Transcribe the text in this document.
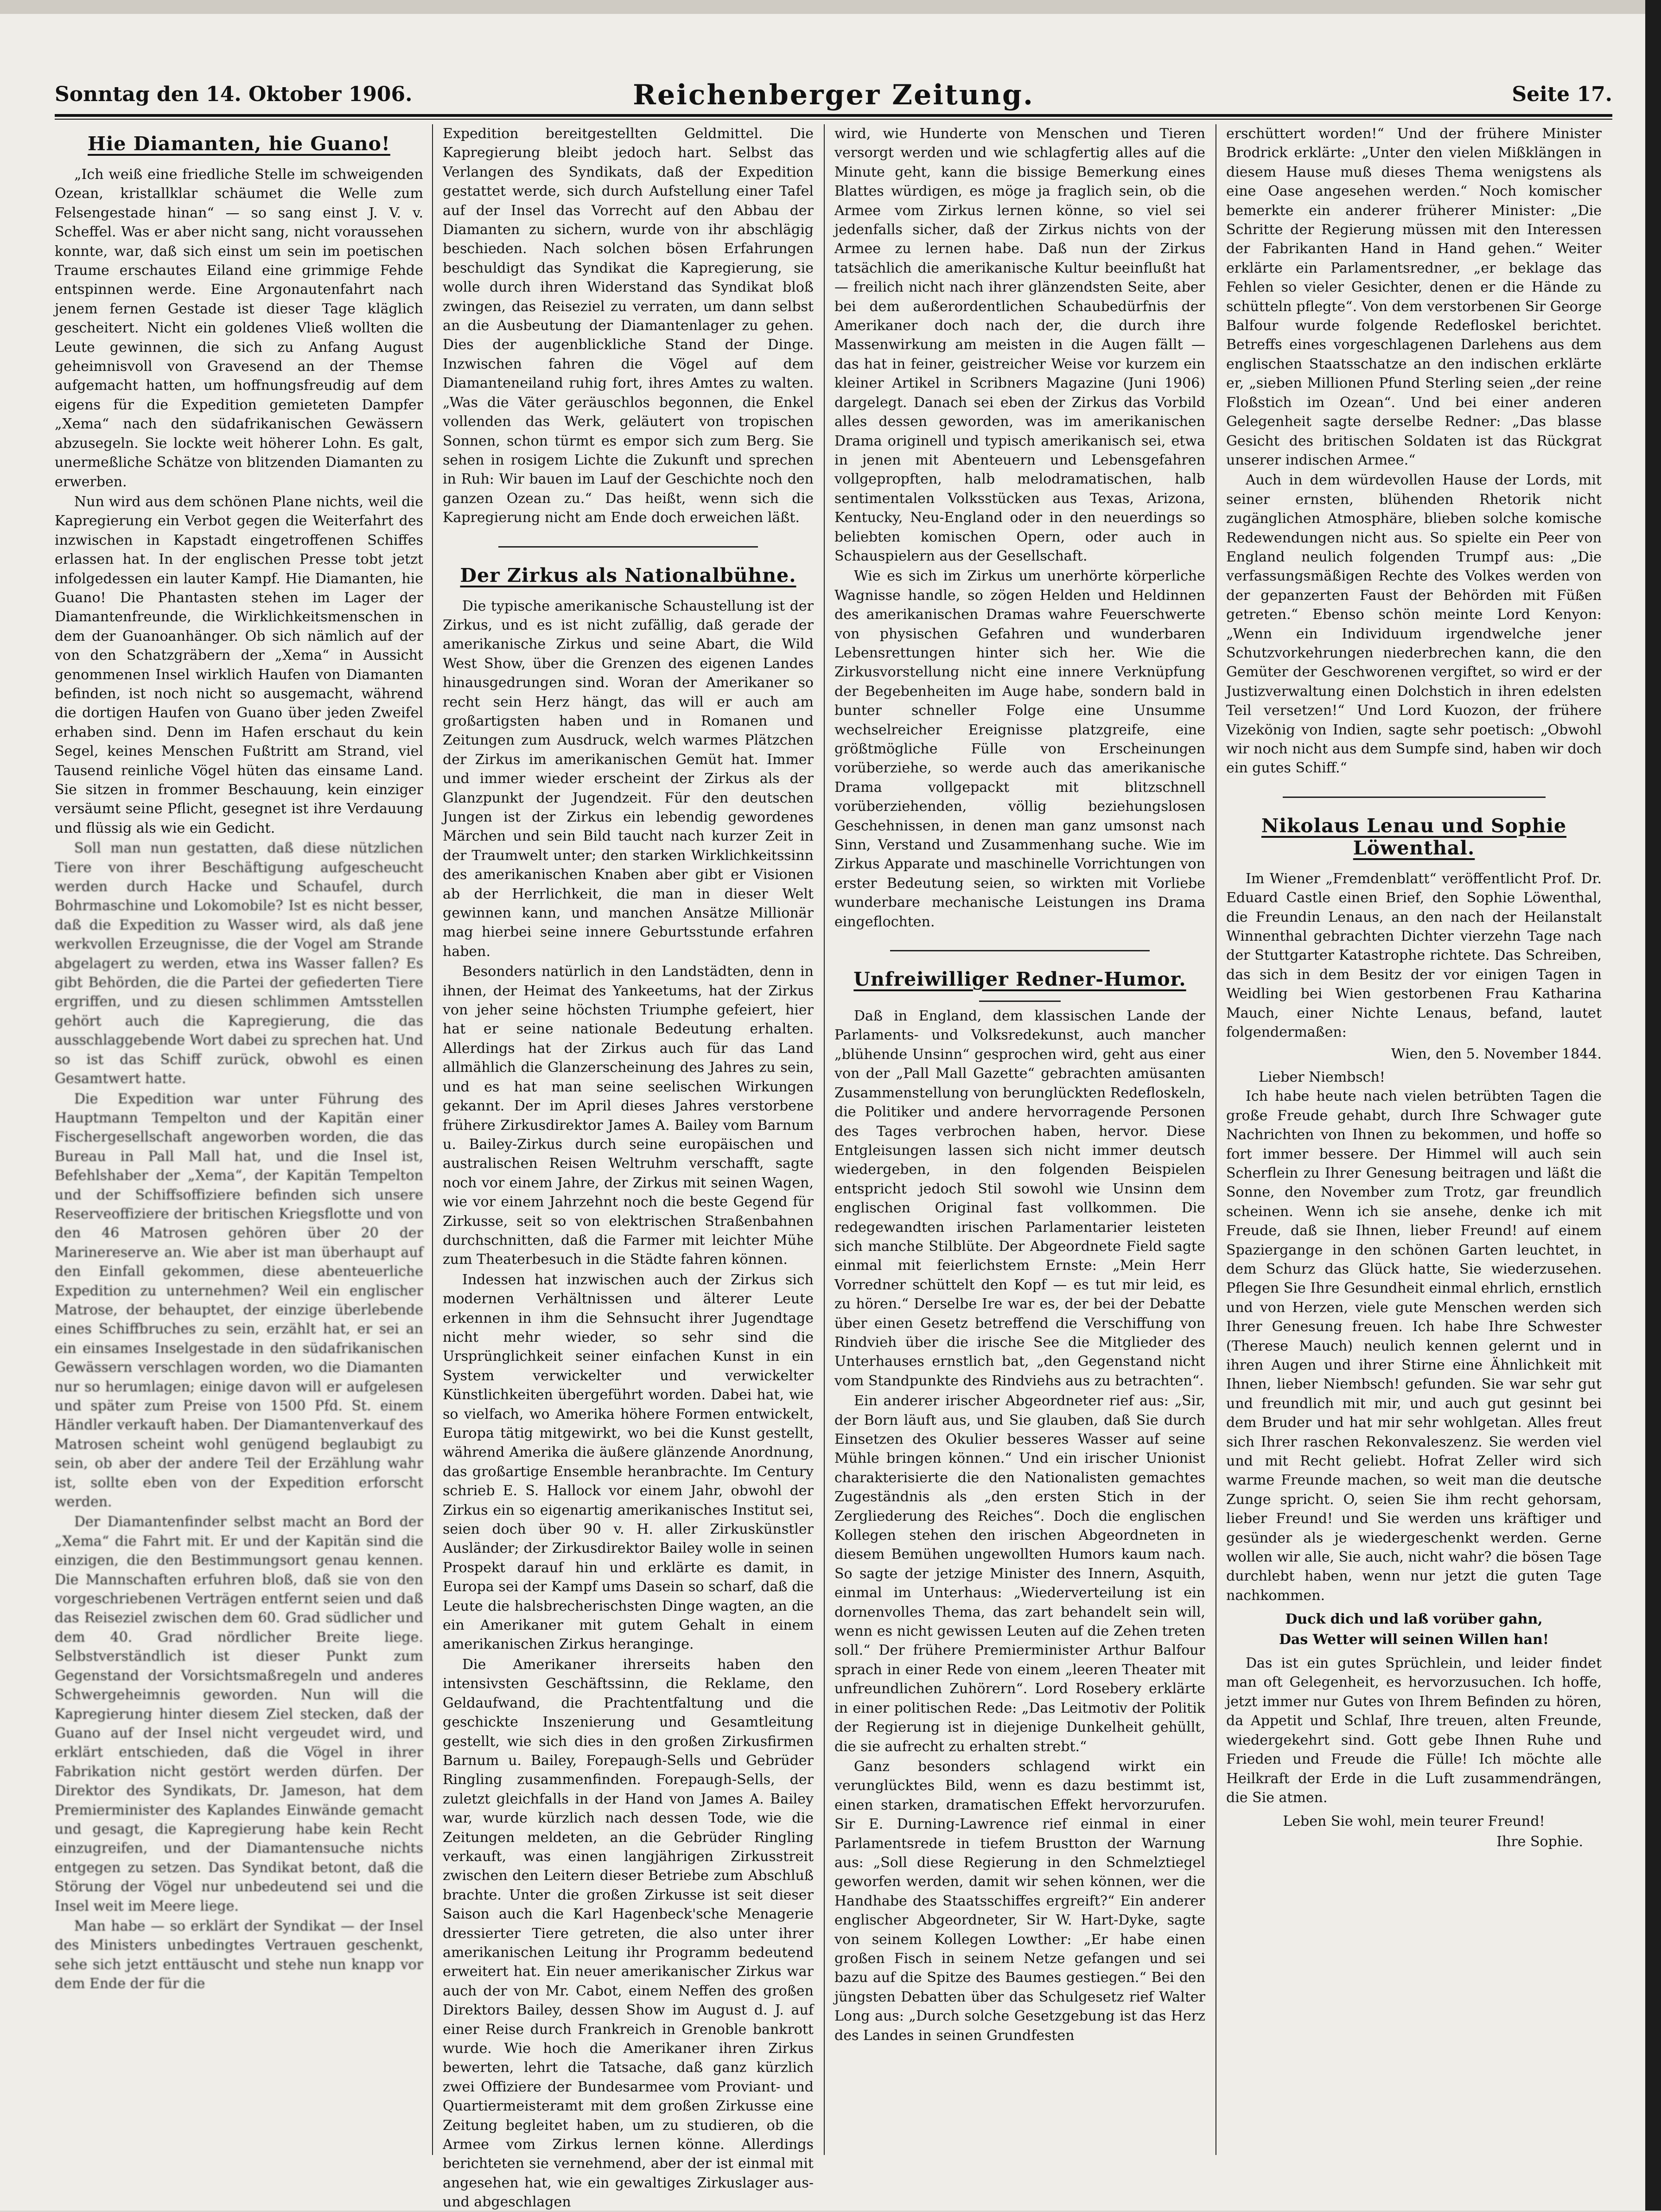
Sonntag den 14. Oktober 1906.	Reichenberger Zeitung.	Seite 17.
Hie Diamanten, hie Guano!

„Ich weiß eine friedliche Stelle im schweigenden Ozean, kristallklar schäumet die Welle zum Felsengestade hinan“ — so sang einst J. V. v. Scheffel. Was er aber nicht sang, nicht voraussehen konnte, war, daß sich einst um sein im poetischen Traume erschautes Eiland eine grimmige Fehde entspinnen werde. Eine Argonautenfahrt nach jenem fernen Gestade ist dieser Tage kläglich gescheitert. Nicht ein goldenes Vließ wollten die Leute gewinnen, die sich zu Anfang August geheimnisvoll von Gravesend an der Themse aufgemacht hatten, um hoffnungsfreudig auf dem eigens für die Expedition gemieteten Dampfer „Xema“ nach den südafrikanischen Gewässern abzusegeln. Sie lockte weit höherer Lohn. Es galt, unermeßliche Schätze von blitzenden Diamanten zu erwerben.

Nun wird aus dem schönen Plane nichts, weil die Kapregierung ein Verbot gegen die Weiterfahrt des inzwischen in Kapstadt eingetroffenen Schiffes erlassen hat. In der englischen Presse tobt jetzt infolgedessen ein lauter Kampf. Hie Diamanten, hie Guano! Die Phantasten stehen im Lager der Diamantenfreunde, die Wirklichkeitsmenschen in dem der Guanoanhänger. Ob sich nämlich auf der von den Schatzgräbern der „Xema“ in Aussicht genommenen Insel wirklich Haufen von Diamanten befinden, ist noch nicht so ausgemacht, während die dortigen Haufen von Guano über jeden Zweifel erhaben sind. Denn im Hafen erschaut du kein Segel, keines Menschen Fußtritt am Strand, viel Tausend reinliche Vögel hüten das einsame Land. Sie sitzen in frommer Beschauung, kein einziger versäumt seine Pflicht, gesegnet ist ihre Verdauung und flüssig als wie ein Gedicht.

Soll man nun gestatten, daß diese nützlichen Tiere von ihrer Beschäftigung aufgescheucht werden durch Hacke und Schaufel, durch Bohrmaschine und Lokomobile? Ist es nicht besser, daß die Expedition zu Wasser wird, als daß jene werkvollen Erzeugnisse, die der Vogel am Strande abgelagert zu werden, etwa ins Wasser fallen? Es gibt Behörden, die die Partei der gefiederten Tiere ergriffen, und zu diesen schlimmen Amtsstellen gehört auch die Kapregierung, die das ausschlaggebende Wort dabei zu sprechen hat. Und so ist das Schiff zurück, obwohl es einen Gesamtwert hatte.

Die Expedition war unter Führung des Hauptmann Tempelton und der Kapitän einer Fischergesellschaft angeworben worden, die das Bureau in Pall Mall hat, und die Insel ist, Befehlshaber der „Xema“, der Kapitän Tempelton und der Schiffsoffiziere befinden sich unsere Reserveoffiziere der britischen Kriegsflotte und von den 46 Matrosen gehören über 20 der Marinereserve an. Wie aber ist man überhaupt auf den Einfall gekommen, diese abenteuerliche Expedition zu unternehmen? Weil ein englischer Matrose, der behauptet, der einzige überlebende eines Schiffbruches zu sein, erzählt hat, er sei an ein einsames Inselgestade in den südafrikanischen Gewässern verschlagen worden, wo die Diamanten nur so herumlagen; einige davon will er aufgelesen und später zum Preise von 1500 Pfd. St. einem Händler verkauft haben. Der Diamantenverkauf des Matrosen scheint wohl genügend beglaubigt zu sein, ob aber der andere Teil der Erzählung wahr ist, sollte eben von der Expedition erforscht werden.

Der Diamantenfinder selbst macht an Bord der „Xema“ die Fahrt mit. Er und der Kapitän sind die einzigen, die den Bestimmungsort genau kennen. Die Mannschaften erfuhren bloß, daß sie von den vorgeschriebenen Verträgen entfernt seien und daß das Reiseziel zwischen dem 60. Grad südlicher und dem 40. Grad nördlicher Breite liege. Selbstverständlich ist dieser Punkt zum Gegenstand der Vorsichtsmaßregeln und anderes Schwergeheimnis geworden. Nun will die Kapregierung hinter diesem Ziel stecken, daß der Guano auf der Insel nicht vergeudet wird, und erklärt entschieden, daß die Vögel in ihrer Fabrikation nicht gestört werden dürfen. Der Direktor des Syndikats, Dr. Jameson, hat dem Premierminister des Kaplandes Einwände gemacht und gesagt, die Kapregierung habe kein Recht einzugreifen, und der Diamantensuche nichts entgegen zu setzen. Das Syndikat betont, daß die Störung der Vögel nur unbedeutend sei und die Insel weit im Meere liege.

Man habe — so erklärt der Syndikat — der Insel des Ministers unbedingtes Vertrauen geschenkt, sehe sich jetzt enttäuscht und stehe nun knapp vor dem Ende der für die

Expedition bereitgestellten Geldmittel. Die Kapregierung bleibt jedoch hart. Selbst das Verlangen des Syndikats, daß der Expedition gestattet werde, sich durch Aufstellung einer Tafel auf der Insel das Vorrecht auf den Abbau der Diamanten zu sichern, wurde von ihr abschlägig beschieden. Nach solchen bösen Erfahrungen beschuldigt das Syndikat die Kapregierung, sie wolle durch ihren Widerstand das Syndikat bloß zwingen, das Reiseziel zu verraten, um dann selbst an die Ausbeutung der Diamantenlager zu gehen. Dies der augenblickliche Stand der Dinge. Inzwischen fahren die Vögel auf dem Diamanteneiland ruhig fort, ihres Amtes zu walten. „Was die Väter geräuschlos begonnen, die Enkel vollenden das Werk, geläutert von tropischen Sonnen, schon türmt es empor sich zum Berg. Sie sehen in rosigem Lichte die Zukunft und sprechen in Ruh: Wir bauen im Lauf der Geschichte noch den ganzen Ozean zu.“ Das heißt, wenn sich die Kapregierung nicht am Ende doch erweichen läßt.

Der Zirkus als Nationalbühne.

Die typische amerikanische Schaustellung ist der Zirkus, und es ist nicht zufällig, daß gerade der amerikanische Zirkus und seine Abart, die Wild West Show, über die Grenzen des eigenen Landes hinausgedrungen sind. Woran der Amerikaner so recht sein Herz hängt, das will er auch am großartigsten haben und in Romanen und Zeitungen zum Ausdruck, welch warmes Plätzchen der Zirkus im amerikanischen Gemüt hat. Immer und immer wieder erscheint der Zirkus als der Glanzpunkt der Jugendzeit. Für den deutschen Jungen ist der Zirkus ein lebendig gewordenes Märchen und sein Bild taucht nach kurzer Zeit in der Traumwelt unter; den starken Wirklichkeitssinn des amerikanischen Knaben aber gibt er Visionen ab der Herrlichkeit, die man in dieser Welt gewinnen kann, und manchen Ansätze Millionär mag hierbei seine innere Geburtsstunde erfahren haben.

Besonders natürlich in den Landstädten, denn in ihnen, der Heimat des Yankeetums, hat der Zirkus von jeher seine höchsten Triumphe gefeiert, hier hat er seine nationale Bedeutung erhalten. Allerdings hat der Zirkus auch für das Land allmählich die Glanzerscheinung des Jahres zu sein, und es hat man seine seelischen Wirkungen gekannt. Der im April dieses Jahres verstorbene frühere Zirkusdirektor James A. Bailey vom Barnum u. Bailey-Zirkus durch seine europäischen und australischen Reisen Weltruhm verschafft, sagte noch vor einem Jahre, der Zirkus mit seinen Wagen, wie vor einem Jahrzehnt noch die beste Gegend für Zirkusse, seit so von elektrischen Straßenbahnen durchschnitten, daß die Farmer mit leichter Mühe zum Theaterbesuch in die Städte fahren können.

Indessen hat inzwischen auch der Zirkus sich modernen Verhältnissen und älterer Leute erkennen in ihm die Sehnsucht ihrer Jugendtage nicht mehr wieder, so sehr sind die Ursprünglichkeit seiner einfachen Kunst in ein System verwickelter und verwickelter Künstlichkeiten übergeführt worden. Dabei hat, wie so vielfach, wo Amerika höhere Formen entwickelt, Europa tätig mitgewirkt, wo bei die Kunst gestellt, während Amerika die äußere glänzende Anordnung, das großartige Ensemble heranbrachte. Im Century schrieb E. S. Hallock vor einem Jahr, obwohl der Zirkus ein so eigenartig amerikanisches Institut sei, seien doch über 90 v. H. aller Zirkuskünstler Ausländer; der Zirkusdirektor Bailey wolle in seinen Prospekt darauf hin und erklärte es damit, in Europa sei der Kampf ums Dasein so scharf, daß die Leute die halsbrecherischsten Dinge wagten, an die ein Amerikaner mit gutem Gehalt in einem amerikanischen Zirkus heranginge.

Die Amerikaner ihrerseits haben den intensivsten Geschäftssinn, die Reklame, den Geldaufwand, die Prachtentfaltung und die geschickte Inszenierung und Gesamtleitung gestellt, wie sich dies in den großen Zirkusfirmen Barnum u. Bailey, Forepaugh-Sells und Gebrüder Ringling zusammenfinden. Forepaugh-Sells, der zuletzt gleichfalls in der Hand von James A. Bailey war, wurde kürzlich nach dessen Tode, wie die Zeitungen meldeten, an die Gebrüder Ringling verkauft, was einen langjährigen Zirkusstreit zwischen den Leitern dieser Betriebe zum Abschluß brachte. Unter die großen Zirkusse ist seit dieser Saison auch die Karl Hagenbeck'sche Menagerie dressierter Tiere getreten, die also unter ihrer amerikanischen Leitung ihr Programm bedeutend erweitert hat. Ein neuer amerikanischer Zirkus war auch der von Mr. Cabot, einem Neffen des großen Direktors Bailey, dessen Show im August d. J. auf einer Reise durch Frankreich in Grenoble bankrott wurde. Wie hoch die Amerikaner ihren Zirkus bewerten, lehrt die Tatsache, daß ganz kürzlich zwei Offiziere der Bundesarmee vom Proviant- und Quartiermeisteramt mit dem großen Zirkusse eine Zeitung begleitet haben, um zu studieren, ob die Armee vom Zirkus lernen könne. Allerdings berichteten sie vernehmend, aber der ist einmal mit angesehen hat, wie ein gewaltiges Zirkuslager aus- und abgeschlagen

wird, wie Hunderte von Menschen und Tieren versorgt werden und wie schlagfertig alles auf die Minute geht, kann die bissige Bemerkung eines Blattes würdigen, es möge ja fraglich sein, ob die Armee vom Zirkus lernen könne, so viel sei jedenfalls sicher, daß der Zirkus nichts von der Armee zu lernen habe. Daß nun der Zirkus tatsächlich die amerikanische Kultur beeinflußt hat — freilich nicht nach ihrer glänzendsten Seite, aber bei dem außerordentlichen Schaubedürfnis der Amerikaner doch nach der, die durch ihre Massenwirkung am meisten in die Augen fällt — das hat in feiner, geistreicher Weise vor kurzem ein kleiner Artikel in Scribners Magazine (Juni 1906) dargelegt. Danach sei eben der Zirkus das Vorbild alles dessen geworden, was im amerikanischen Drama originell und typisch amerikanisch sei, etwa in jenen mit Abenteuern und Lebensgefahren vollgepropften, halb melodramatischen, halb sentimentalen Volksstücken aus Texas, Arizona, Kentucky, Neu-England oder in den neuerdings so beliebten komischen Opern, oder auch in Schauspielern aus der Gesellschaft.

Wie es sich im Zirkus um unerhörte körperliche Wagnisse handle, so zögen Helden und Heldinnen des amerikanischen Dramas wahre Feuerschwerte von physischen Gefahren und wunderbaren Lebensrettungen hinter sich her. Wie die Zirkusvorstellung nicht eine innere Verknüpfung der Begebenheiten im Auge habe, sondern bald in bunter schneller Folge eine Unsumme wechselreicher Ereignisse platzgreife, eine größtmögliche Fülle von Erscheinungen vorüberziehe, so werde auch das amerikanische Drama vollgepackt mit blitzschnell vorüberziehenden, völlig beziehungslosen Geschehnissen, in denen man ganz umsonst nach Sinn, Verstand und Zusammenhang suche. Wie im Zirkus Apparate und maschinelle Vorrichtungen von erster Bedeutung seien, so wirkten mit Vorliebe wunderbare mechanische Leistungen ins Drama eingeflochten.

Unfreiwilliger Redner-Humor.

Daß in England, dem klassischen Lande der Parlaments- und Volksredekunst, auch mancher „blühende Unsinn“ gesprochen wird, geht aus einer von der „Pall Mall Gazette“ gebrachten amüsanten Zusammenstellung von berunglückten Redefloskeln, die Politiker und andere hervorragende Personen des Tages verbrochen haben, hervor. Diese Entgleisungen lassen sich nicht immer deutsch wiedergeben, in den folgenden Beispielen entspricht jedoch Stil sowohl wie Unsinn dem englischen Original fast vollkommen. Die redegewandten irischen Parlamentarier leisteten sich manche Stilblüte. Der Abgeordnete Field sagte einmal mit feierlichstem Ernste: „Mein Herr Vorredner schüttelt den Kopf — es tut mir leid, es zu hören.“ Derselbe Ire war es, der bei der Debatte über einen Gesetz betreffend die Verschiffung von Rindvieh über die irische See die Mitglieder des Unterhauses ernstlich bat, „den Gegenstand nicht vom Standpunkte des Rindviehs aus zu betrachten“.

Ein anderer irischer Abgeordneter rief aus: „Sir, der Born läuft aus, und Sie glauben, daß Sie durch Einsetzen des Okulier besseres Wasser auf seine Mühle bringen können.“ Und ein irischer Unionist charakterisierte die den Nationalisten gemachtes Zugeständnis als „den ersten Stich in der Zergliederung des Reiches“. Doch die englischen Kollegen stehen den irischen Abgeordneten in diesem Bemühen ungewollten Humors kaum nach. So sagte der jetzige Minister des Innern, Asquith, einmal im Unterhaus: „Wiederverteilung ist ein dornenvolles Thema, das zart behandelt sein will, wenn es nicht gewissen Leuten auf die Zehen treten soll.“ Der frühere Premierminister Arthur Balfour sprach in einer Rede von einem „leeren Theater mit unfreundlichen Zuhörern“. Lord Rosebery erklärte in einer politischen Rede: „Das Leitmotiv der Politik der Regierung ist in diejenige Dunkelheit gehüllt, die sie aufrecht zu erhalten strebt.“

Ganz besonders schlagend wirkt ein verunglücktes Bild, wenn es dazu bestimmt ist, einen starken, dramatischen Effekt hervorzurufen. Sir E. Durning-Lawrence rief einmal in einer Parlamentsrede in tiefem Brustton der Warnung aus: „Soll diese Regierung in den Schmelztiegel geworfen werden, damit wir sehen können, wer die Handhabe des Staatsschiffes ergreift?“ Ein anderer englischer Abgeordneter, Sir W. Hart-Dyke, sagte von seinem Kollegen Lowther: „Er habe einen großen Fisch in seinem Netze gefangen und sei bazu auf die Spitze des Baumes gestiegen.“ Bei den jüngsten Debatten über das Schulgesetz rief Walter Long aus: „Durch solche Gesetzgebung ist das Herz des Landes in seinen Grundfesten

erschüttert worden!“ Und der frühere Minister Brodrick erklärte: „Unter den vielen Mißklängen in diesem Hause muß dieses Thema wenigstens als eine Oase angesehen werden.“ Noch komischer bemerkte ein anderer früherer Minister: „Die Schritte der Regierung müssen mit den Interessen der Fabrikanten Hand in Hand gehen.“ Weiter erklärte ein Parlamentsredner, „er beklage das Fehlen so vieler Gesichter, denen er die Hände zu schütteln pflegte“. Von dem verstorbenen Sir George Balfour wurde folgende Redefloskel berichtet. Betreffs eines vorgeschlagenen Darlehens aus dem englischen Staatsschatze an den indischen erklärte er, „sieben Millionen Pfund Sterling seien „der reine Floßstich im Ozean“. Und bei einer anderen Gelegenheit sagte derselbe Redner: „Das blasse Gesicht des britischen Soldaten ist das Rückgrat unserer indischen Armee.“

Auch in dem würdevollen Hause der Lords, mit seiner ernsten, blühenden Rhetorik nicht zugänglichen Atmosphäre, blieben solche komische Redewendungen nicht aus. So spielte ein Peer von England neulich folgenden Trumpf aus: „Die verfassungsmäßigen Rechte des Volkes werden von der gepanzerten Faust der Behörden mit Füßen getreten.“ Ebenso schön meinte Lord Kenyon: „Wenn ein Individuum irgendwelche jener Schutzvorkehrungen niederbrechen kann, die den Gemüter der Geschworenen vergiftet, so wird er der Justizverwaltung einen Dolchstich in ihren edelsten Teil versetzen!“ Und Lord Kuozon, der frühere Vizekönig von Indien, sagte sehr poetisch: „Obwohl wir noch nicht aus dem Sumpfe sind, haben wir doch ein gutes Schiff.“

Nikolaus Lenau und Sophie Löwenthal.

Im Wiener „Fremdenblatt“ veröffentlicht Prof. Dr. Eduard Castle einen Brief, den Sophie Löwenthal, die Freundin Lenaus, an den nach der Heilanstalt Winnenthal gebrachten Dichter vierzehn Tage nach der Stuttgarter Katastrophe richtete. Das Schreiben, das sich in dem Besitz der vor einigen Tagen in Weidling bei Wien gestorbenen Frau Katharina Mauch, einer Nichte Lenaus, befand, lautet folgendermaßen:

Wien, den 5. November 1844.

Lieber Niembsch!

Ich habe heute nach vielen betrübten Tagen die große Freude gehabt, durch Ihre Schwager gute Nachrichten von Ihnen zu bekommen, und hoffe so fort immer bessere. Der Himmel will auch sein Scherflein zu Ihrer Genesung beitragen und läßt die Sonne, den November zum Trotz, gar freundlich scheinen. Wenn ich sie ansehe, denke ich mit Freude, daß sie Ihnen, lieber Freund! auf einem Spaziergange in den schönen Garten leuchtet, in dem Schurz das Glück hatte, Sie wiederzusehen. Pflegen Sie Ihre Gesundheit einmal ehrlich, ernstlich und von Herzen, viele gute Menschen werden sich Ihrer Genesung freuen. Ich habe Ihre Schwester (Therese Mauch) neulich kennen gelernt und in ihren Augen und ihrer Stirne eine Ähnlichkeit mit Ihnen, lieber Niembsch! gefunden. Sie war sehr gut und freundlich mit mir, und auch gut gesinnt bei dem Bruder und hat mir sehr wohlgetan. Alles freut sich Ihrer raschen Rekonvaleszenz. Sie werden viel und mit Recht geliebt. Hofrat Zeller wird sich warme Freunde machen, so weit man die deutsche Zunge spricht. O, seien Sie ihm recht gehorsam, lieber Freund! und Sie werden uns kräftiger und gesünder als je wiedergeschenkt werden. Gerne wollen wir alle, Sie auch, nicht wahr? die bösen Tage durchlebt haben, wenn nur jetzt die guten Tage nachkommen.

Duck dich und laß vorüber gahn,

Das Wetter will seinen Willen han!

Das ist ein gutes Sprüchlein, und leider findet man oft Gelegenheit, es hervorzusuchen. Ich hoffe, jetzt immer nur Gutes von Ihrem Befinden zu hören, da Appetit und Schlaf, Ihre treuen, alten Freunde, wiedergekehrt sind. Gott gebe Ihnen Ruhe und Frieden und Freude die Fülle! Ich möchte alle Heilkraft der Erde in die Luft zusammendrängen, die Sie atmen.

Leben Sie wohl, mein teurer Freund!

Ihre Sophie.
